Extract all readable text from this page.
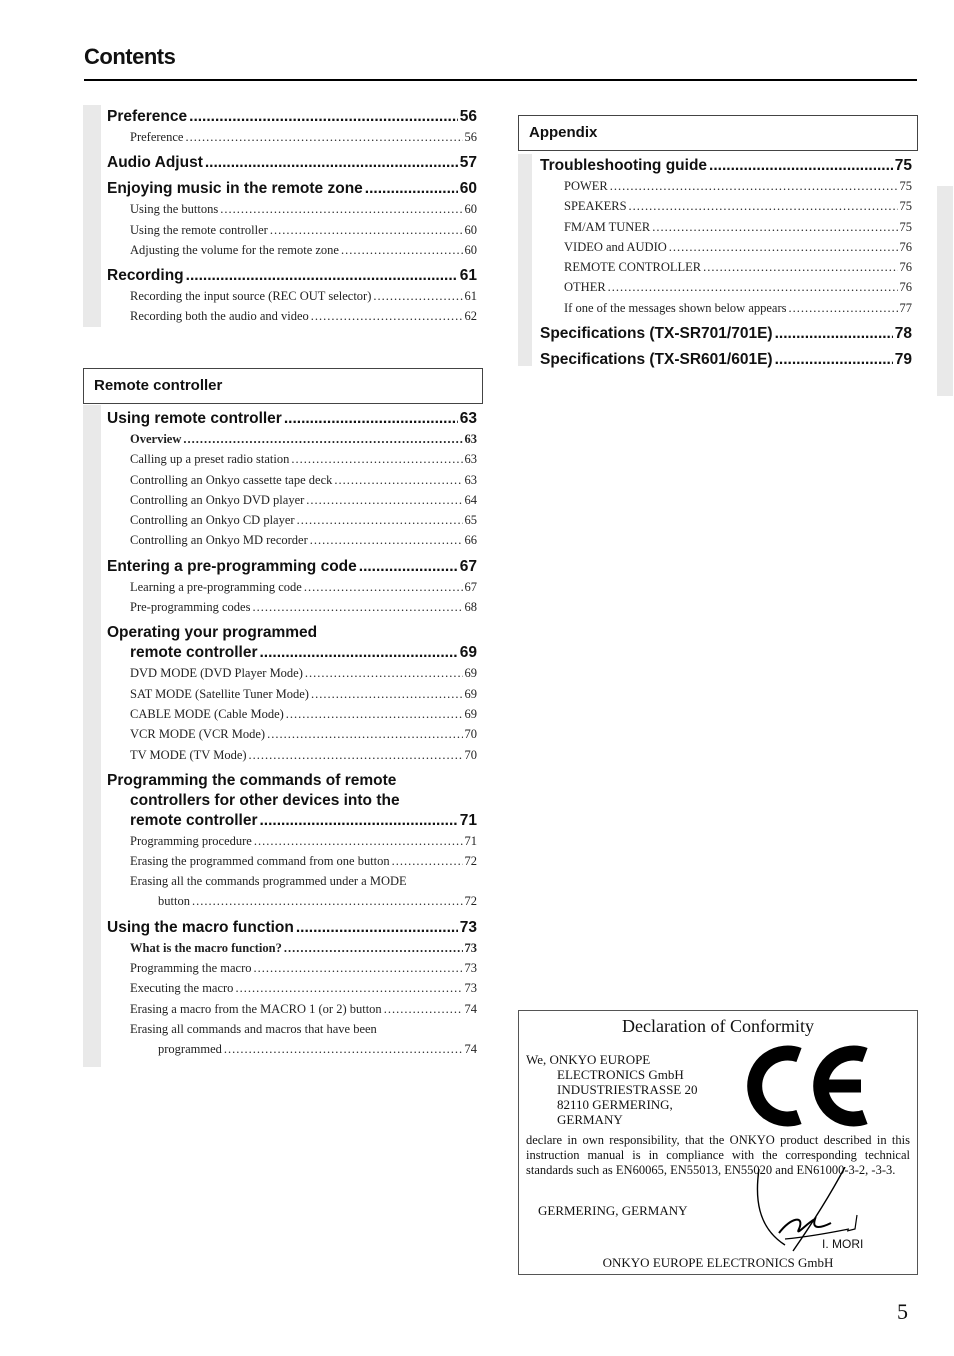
Contents
Preference .....	56
Preference .....	56
Audio Adjust .....	57
Enjoying music in the remote zone .....	60
Using the buttons .....	60
Using the remote controller .....	60
Adjusting the volume for the remote zone .....	60
Recording .....	61
Recording the input source (REC OUT selector) .....	61
Recording both the audio and video .....	62
Remote controller
Using remote controller .....	63
Overview .....	63
Calling up a preset radio station .....	63
Controlling an Onkyo cassette tape deck .....	63
Controlling an Onkyo DVD player .....	64
Controlling an Onkyo CD player .....	65
Controlling an Onkyo MD recorder .....	66
Entering a pre-programming code .....	67
Learning a pre-programming code .....	67
Pre-programming codes .....	68
Operating your programmed
remote controller .....	69
DVD MODE (DVD Player Mode) .....	69
SAT MODE (Satellite Tuner Mode) .....	69
CABLE MODE (Cable Mode) .....	69
VCR MODE (VCR Mode) .....	70
TV MODE (TV Mode) .....	70
Programming the commands of remote
controllers for other devices into the
remote controller .....	71
Programming procedure .....	71
Erasing the programmed command from one button .....	72
Erasing all the commands programmed under a MODE
button .....	72
Using the macro function .....	73
What is the macro function? .....	73
Programming the macro .....	73
Executing the macro .....	73
Erasing a macro from the MACRO 1 (or 2) button .....	74
Erasing all commands and macros that have been
programmed .....	74
Appendix
Troubleshooting guide .....	75
POWER .....	75
SPEAKERS .....	75
FM/AM TUNER .....	75
VIDEO and AUDIO .....	76
REMOTE CONTROLLER .....	76
OTHER .....	76
If one of the messages shown below appears .....	77
Specifications (TX-SR701/701E) .....	78
Specifications (TX-SR601/601E) .....	79
Declaration of Conformity
We, ONKYO EUROPE
ELECTRONICS GmbH
INDUSTRIESTRASSE 20
82110 GERMERING,
GERMANY
declare in own responsibility, that the ONKYO product described in this instruction manual is in compliance with the corresponding technical standards such as EN60065, EN55013, EN55020 and EN61000-3-2, -3-3.
GERMERING, GERMANY
I. MORI
ONKYO EUROPE ELECTRONICS GmbH
5
